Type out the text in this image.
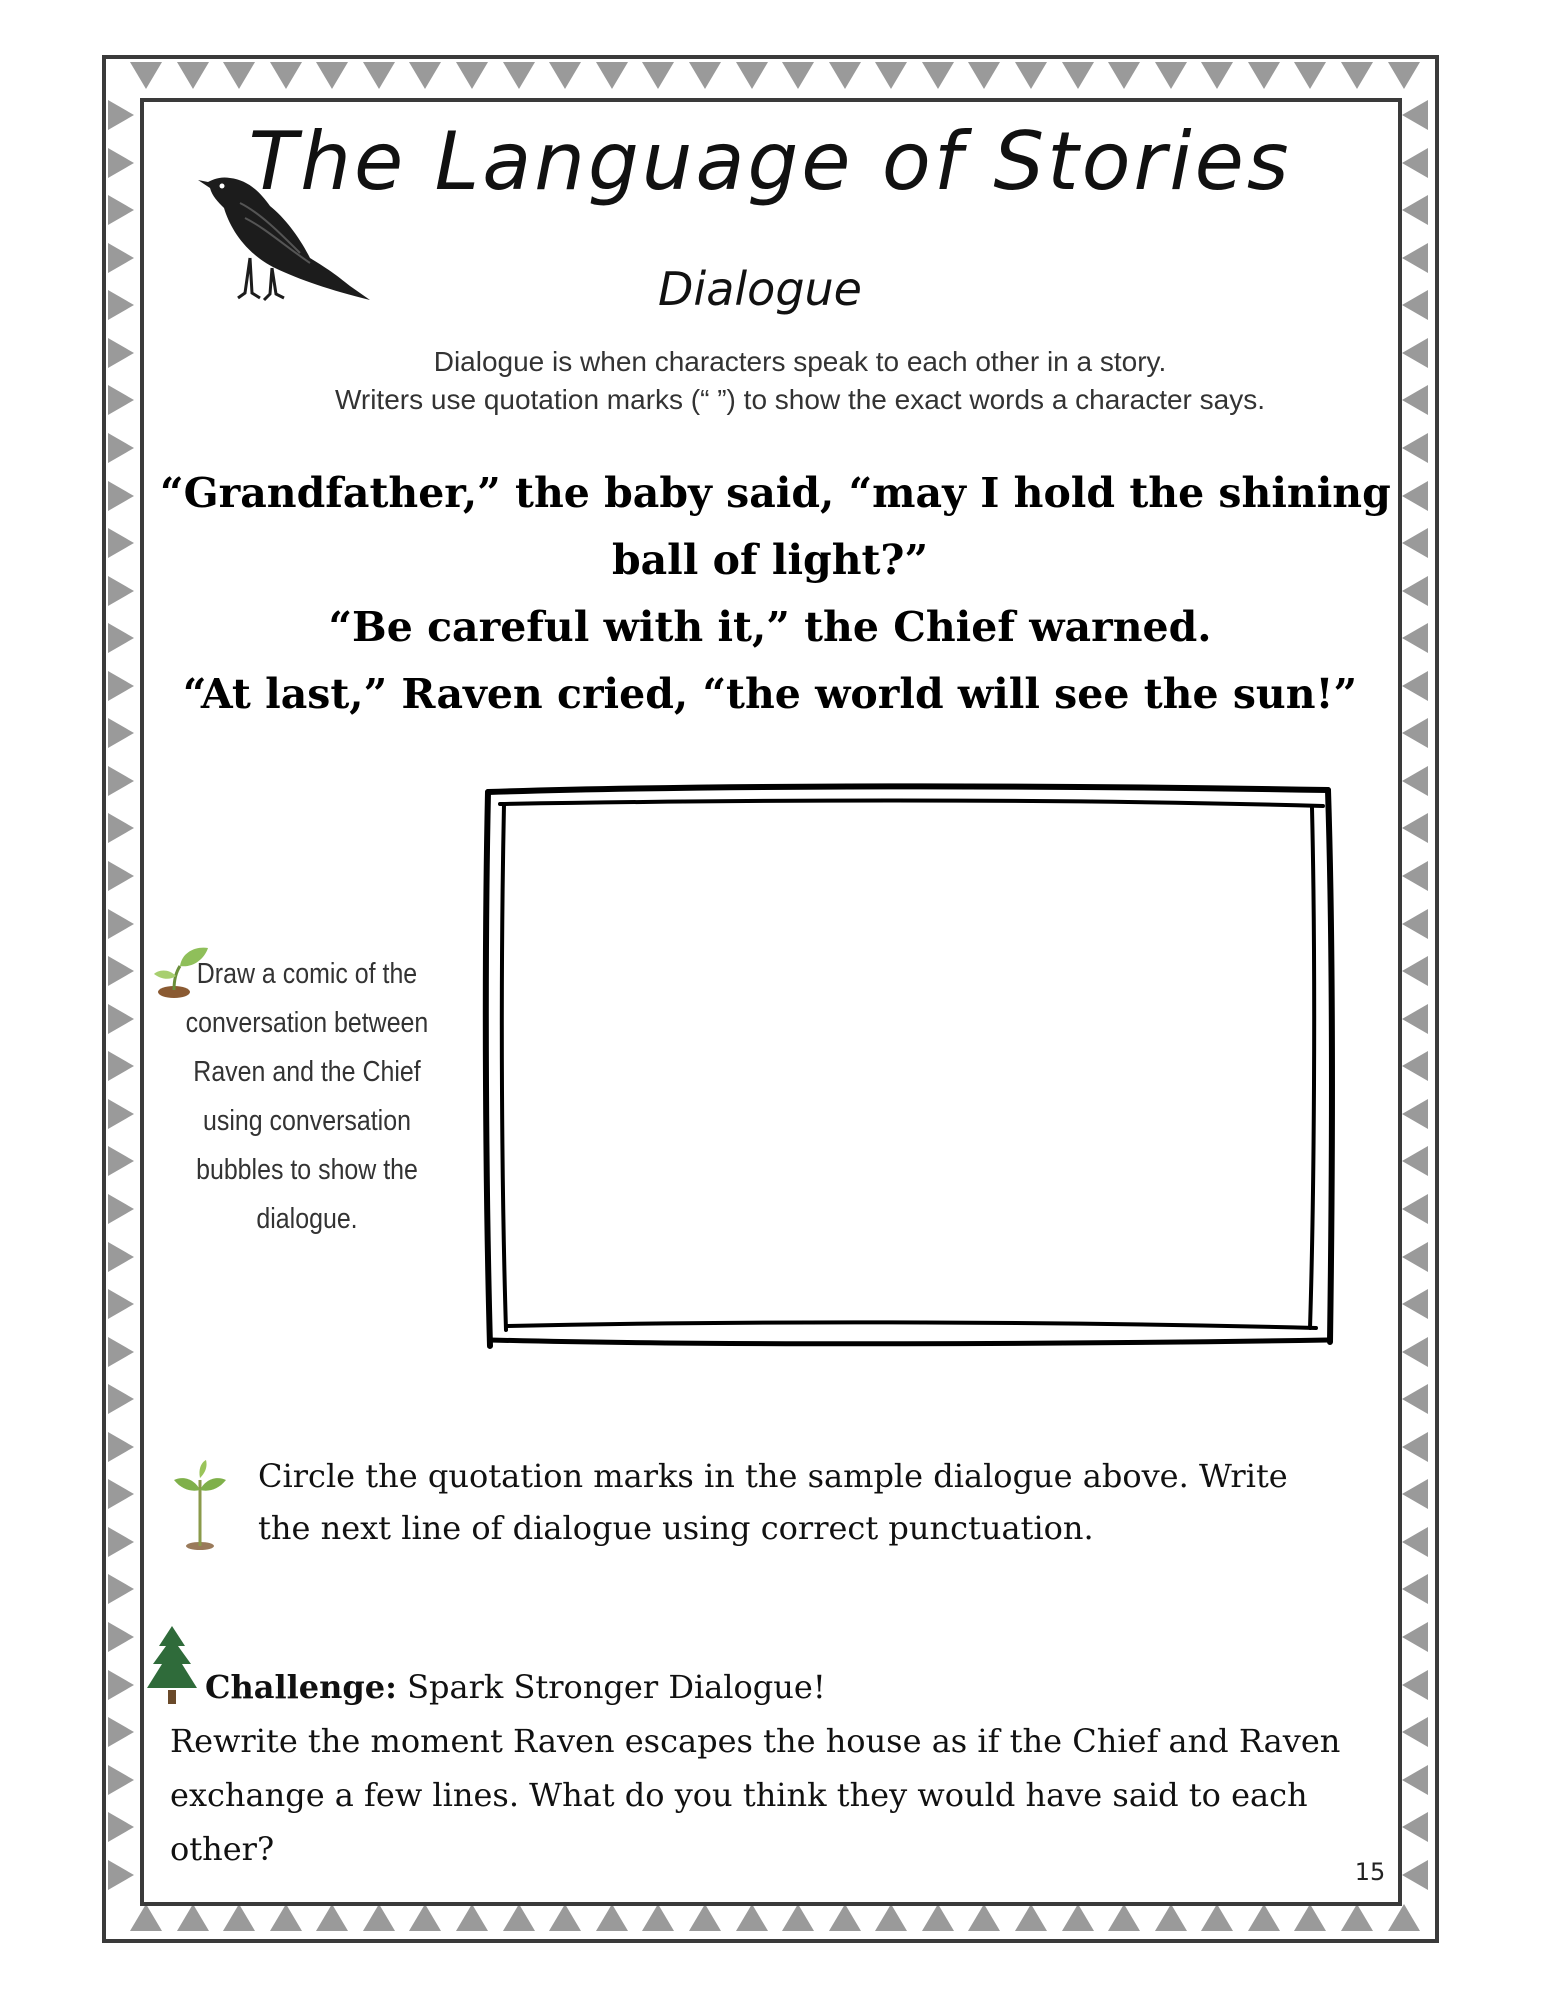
The Language of Stories
Dialogue
Dialogue is when characters speak to each other in a story.
Writers use quotation marks (“ ”) to show the exact words a character says.
“Grandfather,” the baby said, “may I hold the shining
ball of light?”
“Be careful with it,” the Chief warned.
“At last,” Raven cried, “the world will see the sun!”
Draw a comic of the conversation between Raven and the Chief using conversation bubbles to show the dialogue.
Circle the quotation marks in the sample dialogue above. Write
the next line of dialogue using correct punctuation.
Challenge: Spark Stronger Dialogue!
Rewrite the moment Raven escapes the house as if the Chief and Raven
exchange a few lines. What do you think they would have said to each
other?
15
